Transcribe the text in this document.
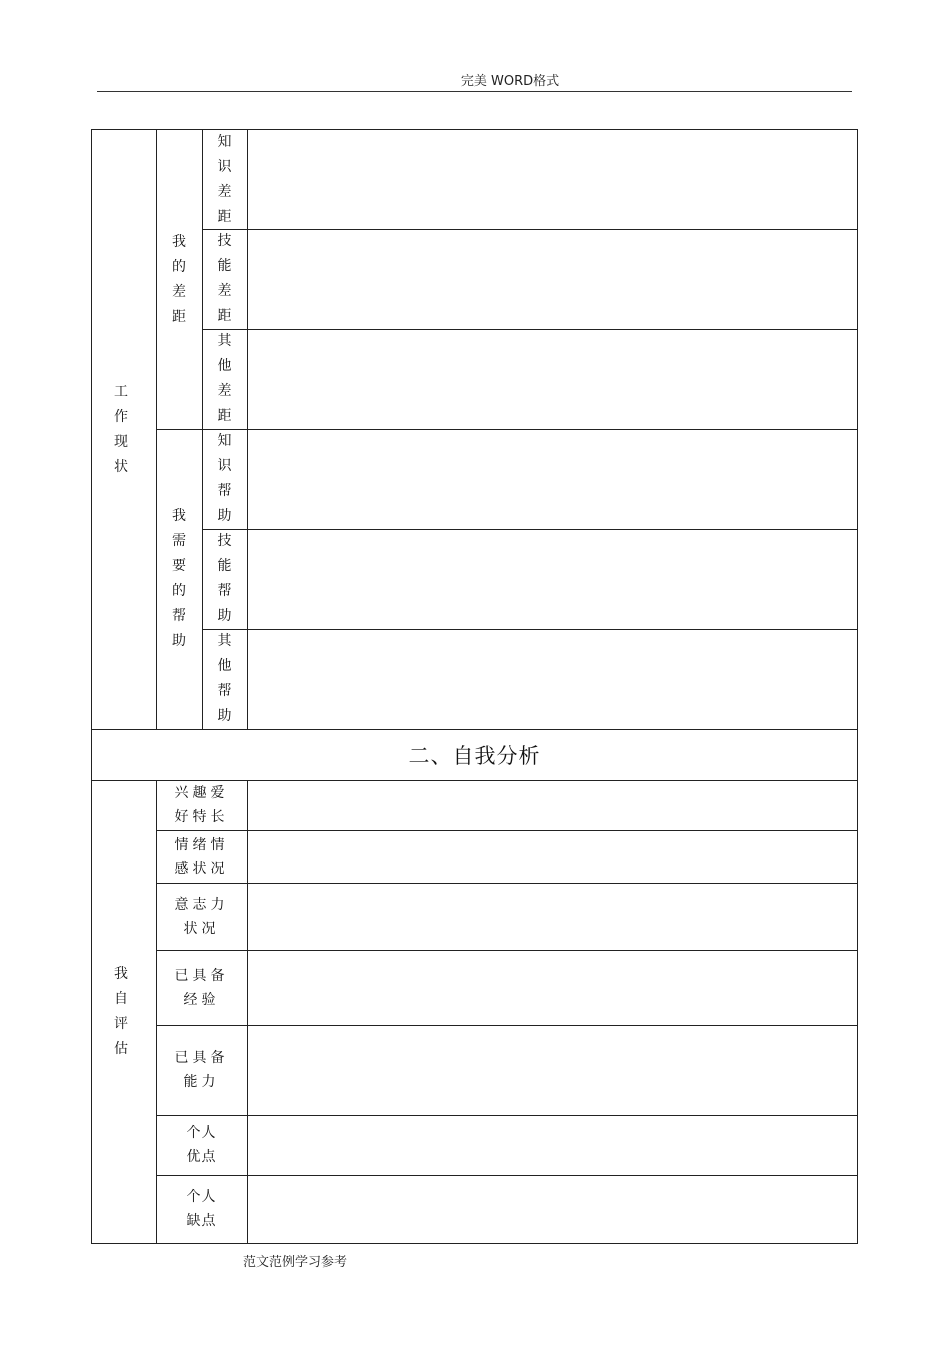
完美 WORD格式
工作现状
我的差距
我需要的帮助
知识差距
技能差距
其他差距
知识帮助
技能帮助
其他帮助
二、自我分析
我自评估
兴趣爱
好特长
情绪情
感状况
意志力
状况
已具备
经验
已具备
能力
个人
优点
个人
缺点
范文范例学习参考
